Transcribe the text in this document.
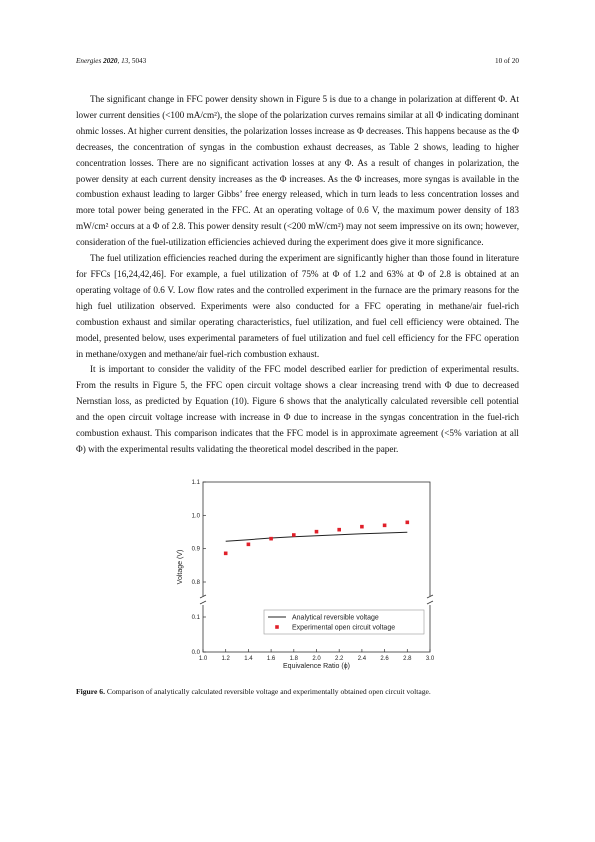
Energies 2020, 13, 5043	10 of 20

The significant change in FFC power density shown in Figure 5 is due to a change in polarization at different Φ. At lower current densities (<100 mA/cm²), the slope of the polarization curves remains similar at all Φ indicating dominant ohmic losses. At higher current densities, the polarization losses increase as Φ decreases. This happens because as the Φ decreases, the concentration of syngas in the combustion exhaust decreases, as Table 2 shows, leading to higher concentration losses. There are no significant activation losses at any Φ. As a result of changes in polarization, the power density at each current density increases as the Φ increases. As the Φ increases, more syngas is available in the combustion exhaust leading to larger Gibbs’ free energy released, which in turn leads to less concentration losses and more total power being generated in the FFC. At an operating voltage of 0.6 V, the maximum power density of 183 mW/cm² occurs at a Φ of 2.8. This power density result (<200 mW/cm²) may not seem impressive on its own; however, consideration of the fuel-utilization efficiencies achieved during the experiment does give it more significance.

The fuel utilization efficiencies reached during the experiment are significantly higher than those found in literature for FFCs [16,24,42,46]. For example, a fuel utilization of 75% at Φ of 1.2 and 63% at Φ of 2.8 is obtained at an operating voltage of 0.6 V. Low flow rates and the controlled experiment in the furnace are the primary reasons for the high fuel utilization observed. Experiments were also conducted for a FFC operating in methane/air fuel-rich combustion exhaust and similar operating characteristics, fuel utilization, and fuel cell efficiency were obtained. The model, presented below, uses experimental parameters of fuel utilization and fuel cell efficiency for the FFC operation in methane/oxygen and methane/air fuel-rich combustion exhaust.

It is important to consider the validity of the FFC model described earlier for prediction of experimental results. From the results in Figure 5, the FFC open circuit voltage shows a clear increasing trend with Φ due to decreased Nernstian loss, as predicted by Equation (10). Figure 6 shows that the analytically calculated reversible cell potential and the open circuit voltage increase with increase in Φ due to increase in the syngas concentration in the fuel-rich combustion exhaust. This comparison indicates that the FFC model is in approximate agreement (<5% variation at all Φ) with the experimental results validating the theoretical model described in the paper.

1.0 1.2 1.4 1.6 1.8 2.0 2.2 2.4 2.6 2.8 3.0
0.0
0.1
0.8
0.9
1.0
1.1
Equivalence Ratio (ϕ)
Voltage (V)
Analytical reversible voltage
Experimental open circuit voltage
Figure 6. Comparison of analytically calculated reversible voltage and experimentally obtained open circuit voltage.
